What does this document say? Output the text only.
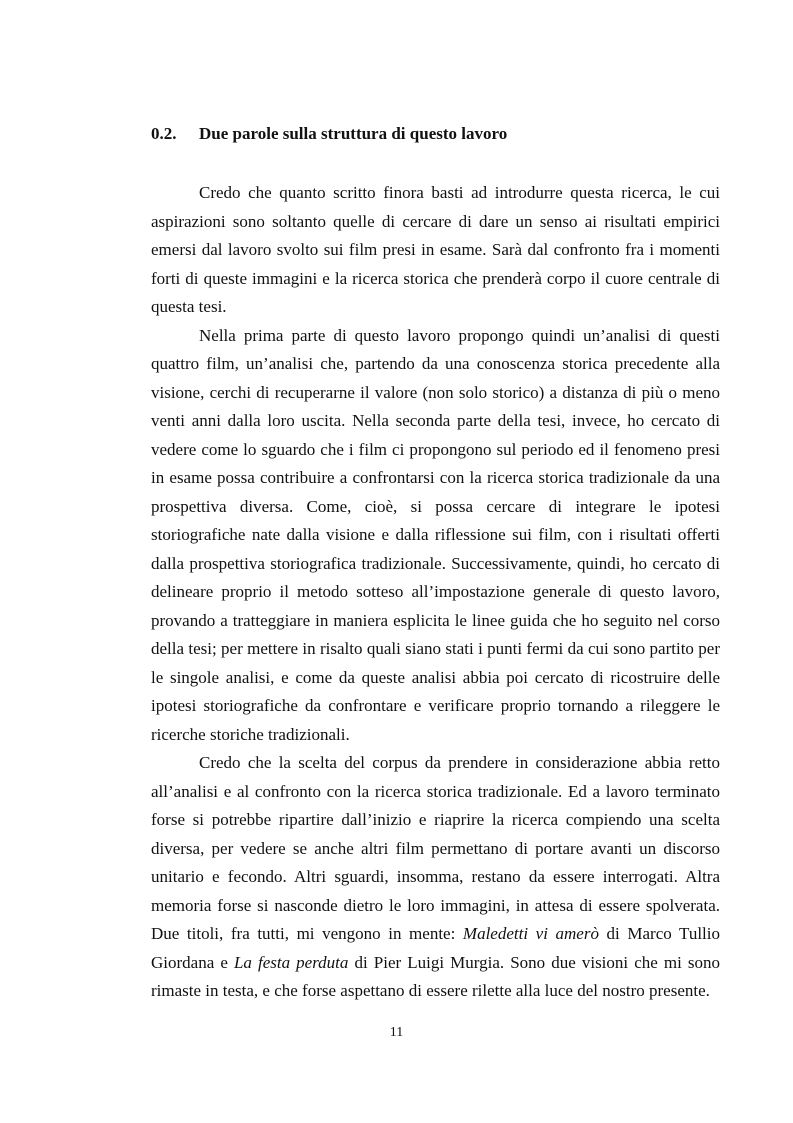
0.2. Due parole sulla struttura di questo lavoro

Credo che quanto scritto finora basti ad introdurre questa ricerca, le cui aspirazioni sono soltanto quelle di cercare di dare un senso ai risultati empirici emersi dal lavoro svolto sui film presi in esame. Sarà dal confronto fra i momenti forti di queste immagini e la ricerca storica che prenderà corpo il cuore centrale di questa tesi.

Nella prima parte di questo lavoro propongo quindi un’analisi di questi quattro film, un’analisi che, partendo da una conoscenza storica precedente alla visione, cerchi di recuperarne il valore (non solo storico) a distanza di più o meno venti anni dalla loro uscita. Nella seconda parte della tesi, invece, ho cercato di vedere come lo sguardo che i film ci propongono sul periodo ed il fenomeno presi in esame possa contribuire a confrontarsi con la ricerca storica tradizionale da una prospettiva diversa. Come, cioè, si possa cercare di integrare le ipotesi storiografiche nate dalla visione e dalla riflessione sui film, con i risultati offerti dalla prospettiva storiografica tradizionale. Successivamente, quindi, ho cercato di delineare proprio il metodo sotteso all’impostazione generale di questo lavoro, provando a tratteggiare in maniera esplicita le linee guida che ho seguito nel corso della tesi; per mettere in risalto quali siano stati i punti fermi da cui sono partito per le singole analisi, e come da queste analisi abbia poi cercato di ricostruire delle ipotesi storiografiche da confrontare e verificare proprio tornando a rileggere le ricerche storiche tradizionali.

Credo che la scelta del corpus da prendere in considerazione abbia retto all’analisi e al confronto con la ricerca storica tradizionale. Ed a lavoro terminato forse si potrebbe ripartire dall’inizio e riaprire la ricerca compiendo una scelta diversa, per vedere se anche altri film permettano di portare avanti un discorso unitario e fecondo. Altri sguardi, insomma, restano da essere interrogati. Altra memoria forse si nasconde dietro le loro immagini, in attesa di essere spolverata. Due titoli, fra tutti, mi vengono in mente: Maledetti vi amerò di Marco Tullio Giordana e La festa perduta di Pier Luigi Murgia. Sono due visioni che mi sono rimaste in testa, e che forse aspettano di essere rilette alla luce del nostro presente.

11
